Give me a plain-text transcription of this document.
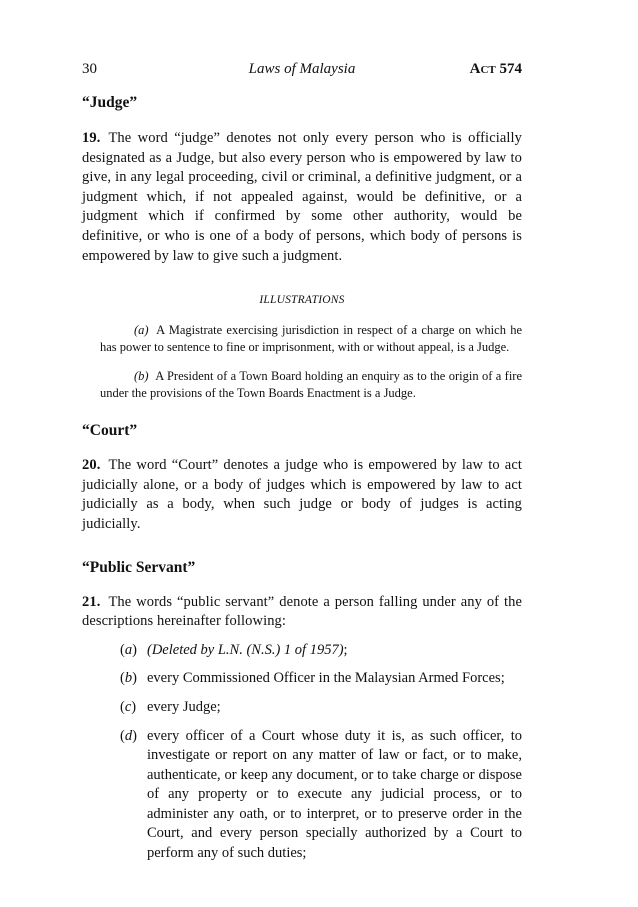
30	Laws of Malaysia	Act 574

“Judge”

19. The word “judge” denotes not only every person who is officially designated as a Judge, but also every person who is empowered by law to give, in any legal proceeding, civil or criminal, a definitive judgment, or a judgment which, if not appealed against, would be definitive, or a judgment which if confirmed by some other authority, would be definitive, or who is one of a body of persons, which body of persons is empowered by law to give such a judgment.

ILLUSTRATIONS

(a) A Magistrate exercising jurisdiction in respect of a charge on which he has power to sentence to fine or imprisonment, with or without appeal, is a Judge.

(b) A President of a Town Board holding an enquiry as to the origin of a fire under the provisions of the Town Boards Enactment is a Judge.

“Court”

20. The word “Court” denotes a judge who is empowered by law to act judicially alone, or a body of judges which is empowered by law to act judicially as a body, when such judge or body of judges is acting judicially.

“Public Servant”

21. The words “public servant” denote a person falling under any of the descriptions hereinafter following:

(a) (Deleted by L.N. (N.S.) 1 of 1957);
(b) every Commissioned Officer in the Malaysian Armed Forces;
(c) every Judge;
(d) every officer of a Court whose duty it is, as such officer, to investigate or report on any matter of law or fact, or to make, authenticate, or keep any document, or to take charge or dispose of any property or to execute any judicial process, or to administer any oath, or to interpret, or to preserve order in the Court, and every person specially authorized by a Court to perform any of such duties;
